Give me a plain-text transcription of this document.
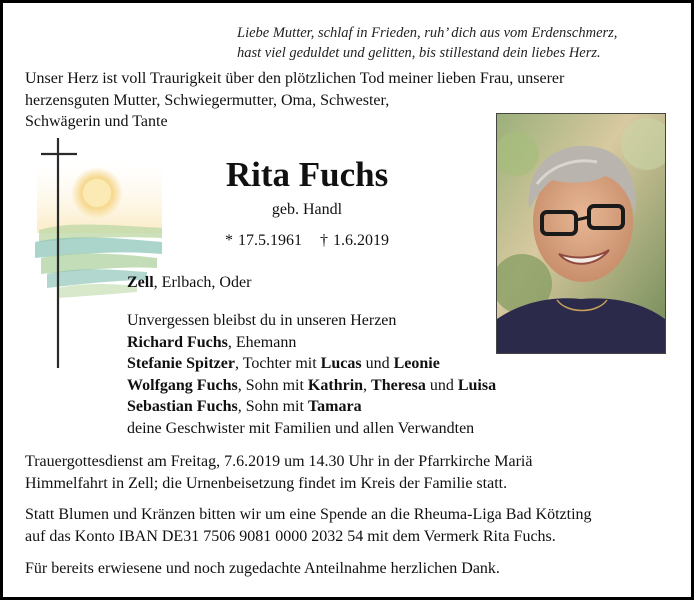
Liebe Mutter, schlaf in Frieden, ruh’ dich aus vom Erdenschmerz,
hast viel geduldet und gelitten, bis stillestand dein liebes Herz.
Unser Herz ist voll Traurigkeit über den plötzlichen Tod meiner lieben Frau, unserer
herzensguten Mutter, Schwiegermutter, Oma, Schwester,
Schwägerin und Tante
Rita Fuchs
geb. Handl
* 17.5.1961 † 1.6.2019
Zell, Erlbach, Oder
Unvergessen bleibst du in unseren Herzen
Richard Fuchs, Ehemann
Stefanie Spitzer, Tochter mit Lucas und Leonie
Wolfgang Fuchs, Sohn mit Kathrin, Theresa und Luisa
Sebastian Fuchs, Sohn mit Tamara
deine Geschwister mit Familien und allen Verwandten
Trauergottesdienst am Freitag, 7.6.2019 um 14.30 Uhr in der Pfarrkirche Mariä
Himmelfahrt in Zell; die Urnenbeisetzung findet im Kreis der Familie statt.
Statt Blumen und Kränzen bitten wir um eine Spende an die Rheuma-Liga Bad Kötzting
auf das Konto IBAN DE31 7506 9081 0000 2032 54 mit dem Vermerk Rita Fuchs.
Für bereits erwiesene und noch zugedachte Anteilnahme herzlichen Dank.
